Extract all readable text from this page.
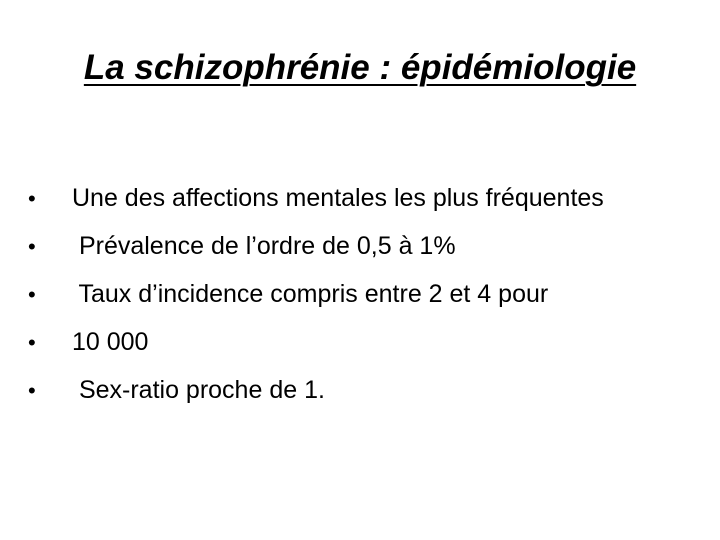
La schizophrénie : épidémiologie
•	Une des affections mentales les plus fréquentes
•	Prévalence de l’ordre de 0,5 à 1%
•	Taux d’incidence compris entre 2 et 4 pour
•	10 000
•	Sex-ratio proche de 1.
